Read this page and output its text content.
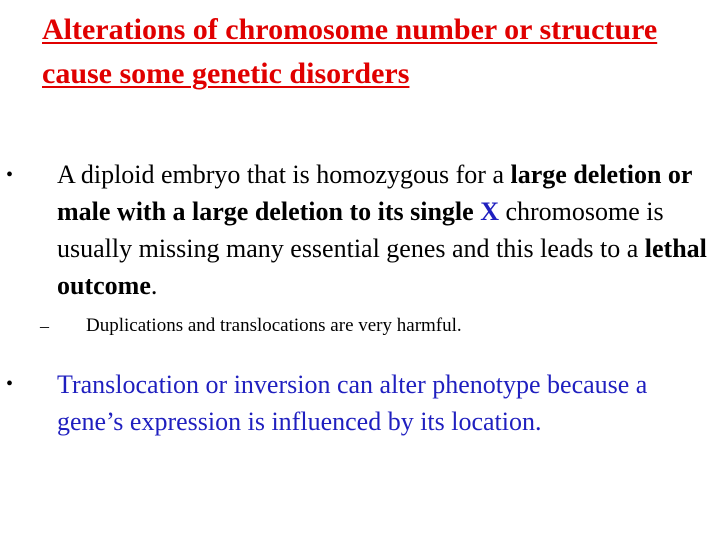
Alterations of chromosome number or structure cause some genetic disorders
• A diploid embryo that is homozygous for a large deletion or male with a large deletion to its single X chromosome is usually missing many essential genes and this leads to a lethal outcome.
– Duplications and translocations are very harmful.
• Translocation or inversion can alter phenotype because a gene’s expression is influenced by its location.
